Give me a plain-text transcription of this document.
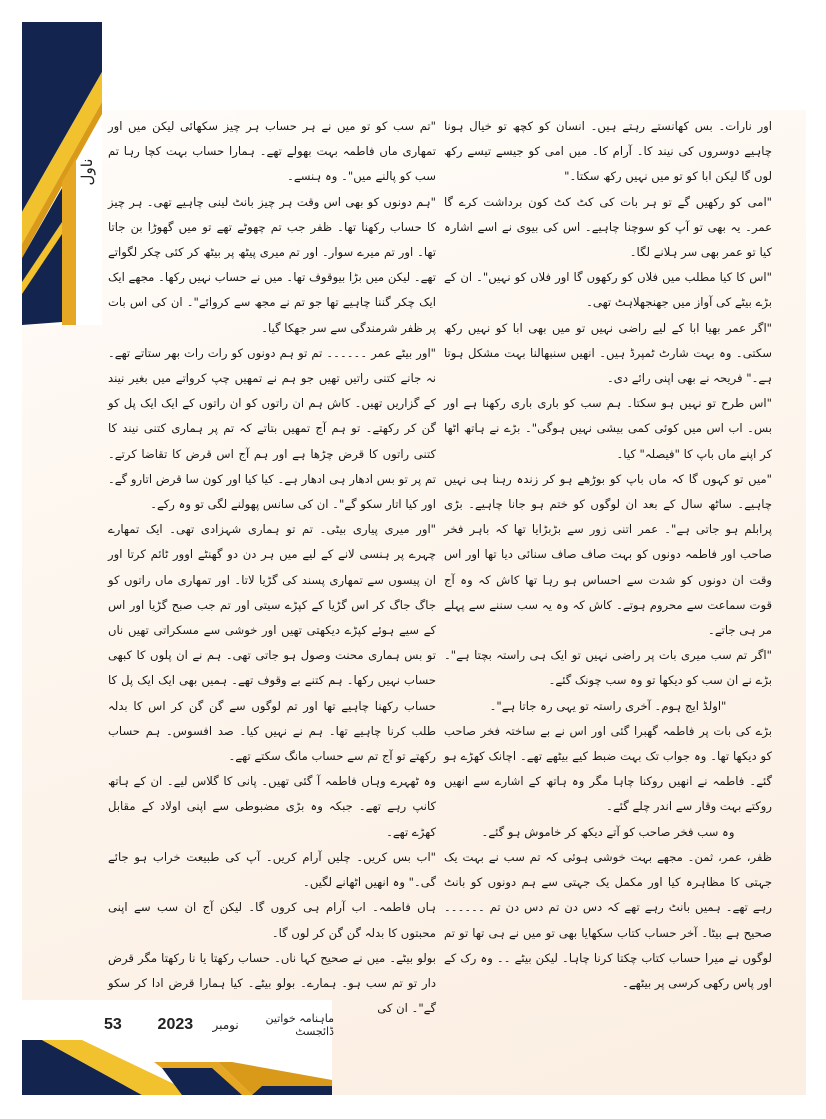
ناول

اور نارات۔ بس کھانستے رہتے ہیں۔ انسان کو کچھ تو خیال ہونا چاہیے دوسروں کی نیند کا۔ آرام کا۔ میں امی کو جیسے تیسے رکھ لوں گا لیکن ابا کو تو میں نہیں رکھ سکتا۔"

"امی کو رکھیں گے تو ہر بات کی کٹ کٹ کون برداشت کرے گا عمر۔ یہ بھی تو آپ کو سوچنا چاہیے۔ اس کی بیوی نے اسے اشارہ کیا تو عمر بھی سر ہلانے لگا۔

"اس کا کیا مطلب میں فلاں کو رکھوں گا اور فلاں کو نہیں"۔ ان کے بڑے بیٹے کی آواز میں جھنجھلاہٹ تھی۔

"اگر عمر بھیا ابا کے لیے راضی نہیں تو میں بھی ابا کو نہیں رکھ سکتی۔ وہ بہت شارٹ ٹمپرڈ ہیں۔ انھیں سنبھالنا بہت مشکل ہوتا ہے۔" فریحہ نے بھی اپنی رائے دی۔

"اس طرح تو نہیں ہو سکتا۔ ہم سب کو باری باری رکھنا ہے اور بس۔ اب اس میں کوئی کمی بیشی نہیں ہوگی"۔ بڑے نے ہاتھ اٹھا کر اپنے ماں باپ کا "فیصلہ" کیا۔

"میں تو کہوں گا کہ ماں باپ کو بوڑھے ہو کر زندہ رہنا ہی نہیں چاہیے۔ ساٹھ سال کے بعد ان لوگوں کو ختم ہو جانا چاہیے۔ بڑی پرابلم ہو جاتی ہے"۔ عمر اتنی زور سے بڑبڑایا تھا کہ باہر فخر صاحب اور فاطمہ دونوں کو بہت صاف صاف سنائی دیا تھا اور اس وقت ان دونوں کو شدت سے احساس ہو رہا تھا کاش کہ وہ آج قوت سماعت سے محروم ہوتے۔ کاش کہ وہ یہ سب سننے سے پہلے مر ہی جاتے۔

"اگر تم سب میری بات پر راضی نہیں تو ایک ہی راستہ بچتا ہے"۔ بڑے نے ان سب کو دیکھا تو وہ سب چونک گئے۔

"اولڈ ایج ہوم۔ آخری راستہ تو یہی رہ جاتا ہے"۔

بڑے کی بات پر فاطمہ گھبرا گئی اور اس نے بے ساختہ فخر صاحب کو دیکھا تھا۔ وہ جواب تک بہت ضبط کیے بیٹھے تھے۔ اچانک کھڑے ہو گئے۔ فاطمہ نے انھیں روکنا چاہا مگر وہ ہاتھ کے اشارے سے انھیں روکتے بہت وقار سے اندر چلے گئے۔

وہ سب فخر صاحب کو آتے دیکھ کر خاموش ہو گئے۔

ظفر، عمر، ثمن۔ مجھے بہت خوشی ہوئی کہ تم سب نے بہت یک جہتی کا مظاہرہ کیا اور مکمل یک جہتی سے ہم دونوں کو بانٹ رہے تھے۔ ہمیں بانٹ رہے تھے کہ دس دن تم دس دن تم ۔۔۔۔۔۔ صحیح ہے بیٹا۔ آخر حساب کتاب سکھایا بھی تو میں نے ہی تھا تو تم لوگوں نے میرا حساب کتاب چکتا کرنا چاہا۔ لیکن بیٹے ۔۔ وہ رک کے اور پاس رکھی کرسی پر بیٹھے۔

"تم سب کو تو میں نے ہر حساب ہر چیز سکھائی لیکن میں اور تمھاری ماں فاطمہ بہت بھولے تھے۔ ہمارا حساب بہت کچا رہا تم سب کو پالنے میں"۔ وہ ہنسے۔

"ہم دونوں کو بھی اس وقت ہر چیز بانٹ لینی چاہیے تھی۔ ہر چیز کا حساب رکھنا تھا۔ ظفر جب تم چھوٹے تھے تو میں گھوڑا بن جاتا تھا۔ اور تم میرے سوار۔ اور تم میری پیٹھ پر بیٹھ کر کئی چکر لگواتے تھے۔ لیکن میں بڑا بیوقوف تھا۔ میں نے حساب نہیں رکھا۔ مجھے ایک ایک چکر گننا چاہیے تھا جو تم نے مجھ سے کروائے"۔ ان کی اس بات پر ظفر شرمندگی سے سر جھکا گیا۔

"اور بیٹے عمر ۔۔۔۔۔۔ تم تو ہم دونوں کو رات رات بھر ستاتے تھے۔ نہ جانے کتنی راتیں تھیں جو ہم نے تمھیں چپ کرواتے میں بغیر نیند کے گزاریں تھیں۔ کاش ہم ان راتوں کو ان راتوں کے ایک ایک پل کو گن کر رکھتے۔ تو ہم آج تمھیں بتاتے کہ تم پر ہماری کتنی نیند کا کتنی راتوں کا قرض چڑھا ہے اور ہم آج اس قرض کا تقاضا کرتے۔ تم پر تو بس ادھار ہی ادھار ہے۔ کیا کیا اور کون سا قرض اتارو گے۔ اور کیا اتار سکو گے"۔ ان کی سانس پھولنے لگی تو وہ رکے۔

"اور میری پیاری بیٹی۔ تم تو ہماری شہزادی تھی۔ ایک تمھارے چہرے پر ہنسی لانے کے لیے میں ہر دن دو گھنٹے اوور ٹائم کرتا اور ان پیسوں سے تمھاری پسند کی گڑیا لاتا۔ اور تمھاری ماں راتوں کو جاگ جاگ کر اس گڑیا کے کپڑے سیتی اور تم جب صبح گڑیا اور اس کے سیے ہوئے کپڑے دیکھتی تھیں اور خوشی سے مسکراتی تھیں ناں تو بس ہماری محنت وصول ہو جاتی تھی۔ ہم نے ان پلوں کا کبھی حساب نہیں رکھا۔ ہم کتنے بے وقوف تھے۔ ہمیں بھی ایک ایک پل کا حساب رکھنا چاہیے تھا اور تم لوگوں سے گن گن کر اس کا بدلہ طلب کرنا چاہیے تھا۔ ہم نے نہیں کیا۔ صد افسوس۔ ہم حساب رکھتے تو آج تم سے حساب مانگ سکتے تھے۔

وہ ٹھہرے وہاں فاطمہ آ گئی تھیں۔ پانی کا گلاس لیے۔ ان کے ہاتھ کانپ رہے تھے۔ جبکہ وہ بڑی مضبوطی سے اپنی اولاد کے مقابل کھڑے تھے۔

"اب بس کریں۔ چلیں آرام کریں۔ آپ کی طبیعت خراب ہو جائے گی۔" وہ انھیں اٹھانے لگیں۔

ہاں فاطمہ۔ اب آرام ہی کروں گا۔ لیکن آج ان سب سے اپنی محبتوں کا بدلہ گن گن کر لوں گا۔

بولو بیٹے۔ میں نے صحیح کہا ناں۔ حساب رکھتا یا نا رکھتا مگر قرض دار تو تم سب ہو۔ ہمارے۔ بولو بیٹے۔ کیا ہمارا قرض ادا کر سکو گے"۔ ان کی

53	2023	نومبر	ماہنامہ خواتین ڈائجسٹ
